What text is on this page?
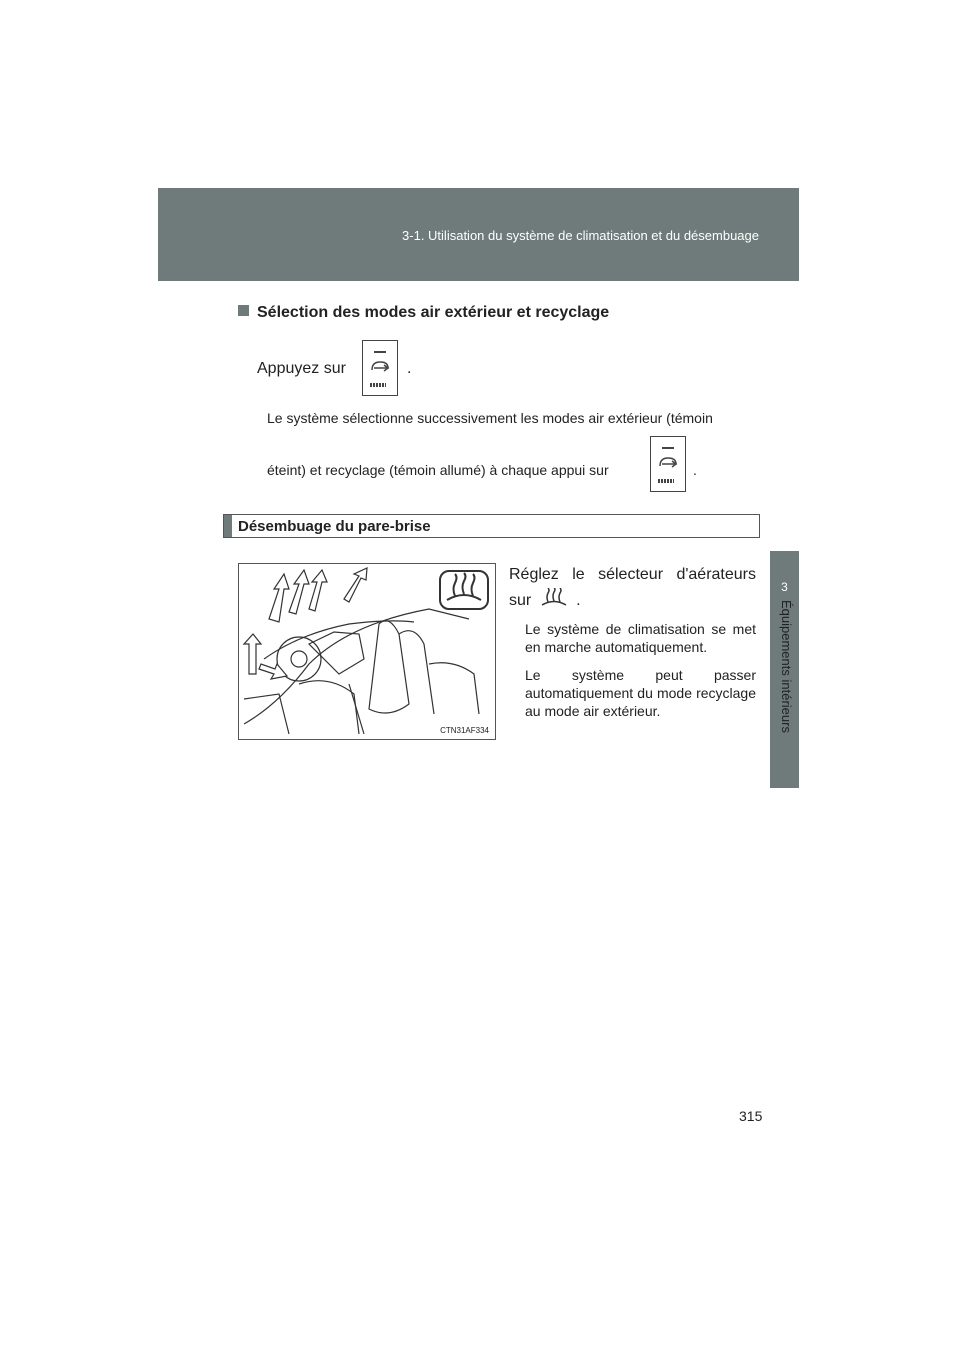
3-1. Utilisation du système de climatisation et du désembuage
3
Équipements intérieurs
Sélection des modes air extérieur et recyclage
Appuyez sur	.
Le système sélectionne successivement les modes air extérieur (témoin
éteint) et recyclage (témoin allumé) à chaque appui sur	.
Désembuage du pare-brise
CTN31AF334
Réglez le sélecteur d'aérateurs
sur	.
Le système de climatisation se met en marche automatiquement.
Le système peut passer automatiquement du mode recyclage au mode air extérieur.
315
